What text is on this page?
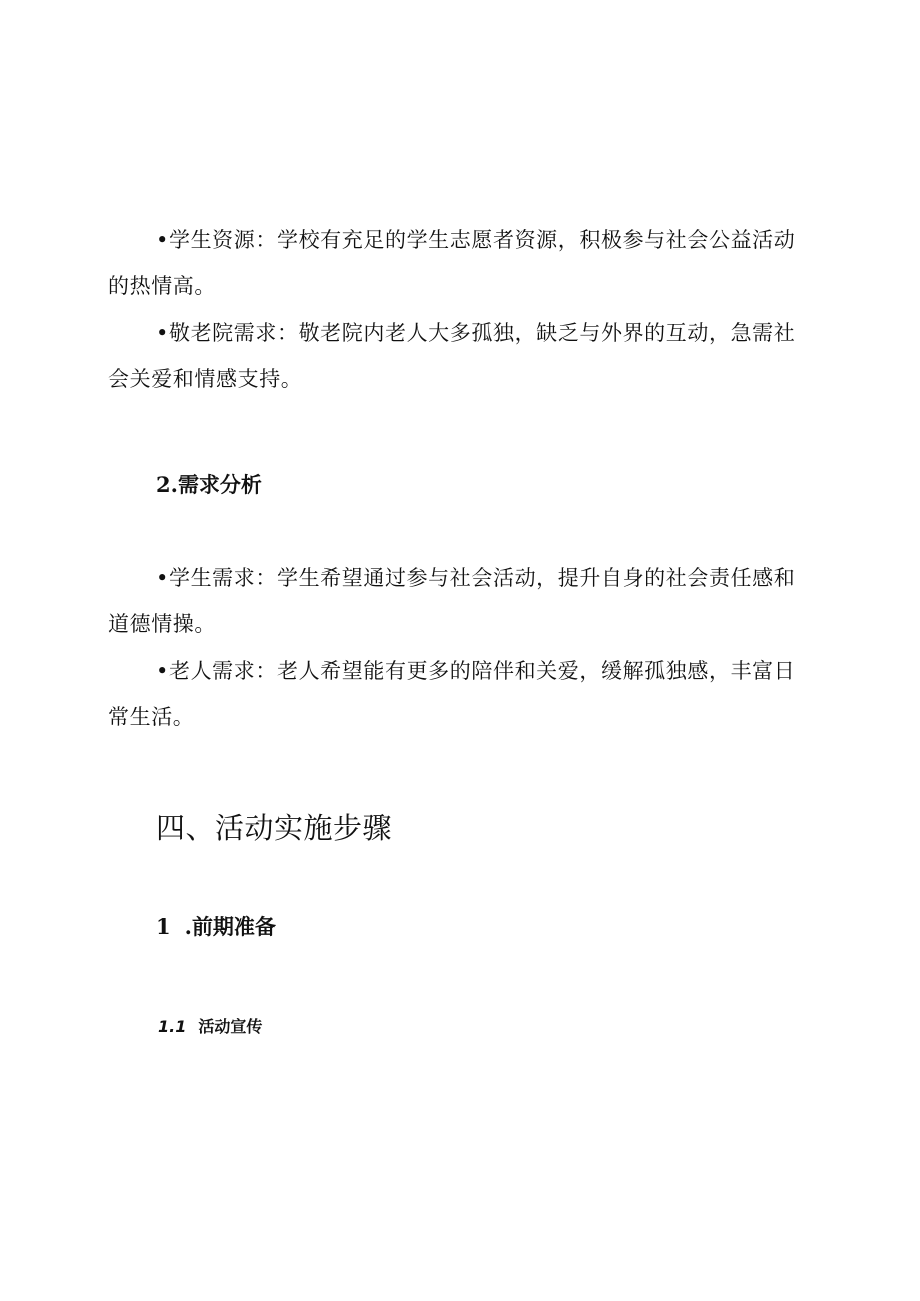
•学生资源：学校有充足的学生志愿者资源，积极参与社会公益活动的热情高。

•敬老院需求：敬老院内老人大多孤独，缺乏与外界的互动，急需社会关爱和情感支持。

2.需求分析

•学生需求：学生希望通过参与社会活动，提升自身的社会责任感和道德情操。

•老人需求：老人希望能有更多的陪伴和关爱，缓解孤独感，丰富日常生活。

四、活动实施步骤
1 .前期准备
1.1 活动宣传
